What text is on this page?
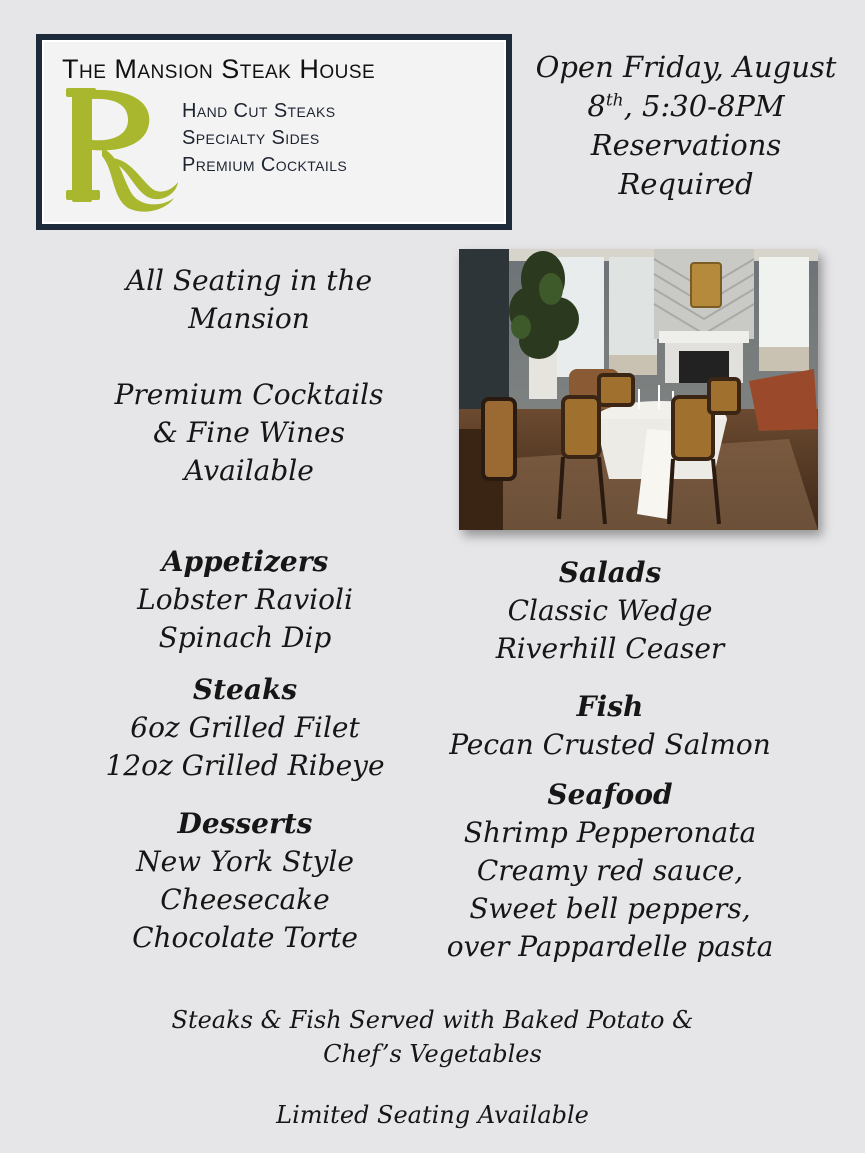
The Mansion Steak House
Hand Cut Steaks
Specialty Sides
Premium Cocktails
Open Friday, August
8th, 5:30-8PM
Reservations
Required
All Seating in the
Mansion
Premium Cocktails
& Fine Wines
Available
Appetizers
Lobster Ravioli
Spinach Dip
Steaks
6oz Grilled Filet
12oz Grilled Ribeye
Desserts
New York Style
Cheesecake
Chocolate Torte
Salads
Classic Wedge
Riverhill Ceaser
Fish
Pecan Crusted Salmon
Seafood
Shrimp Pepperonata
Creamy red sauce,
Sweet bell peppers,
over Pappardelle pasta
Steaks & Fish Served with Baked Potato &
Chef’s Vegetables
Limited Seating Available
